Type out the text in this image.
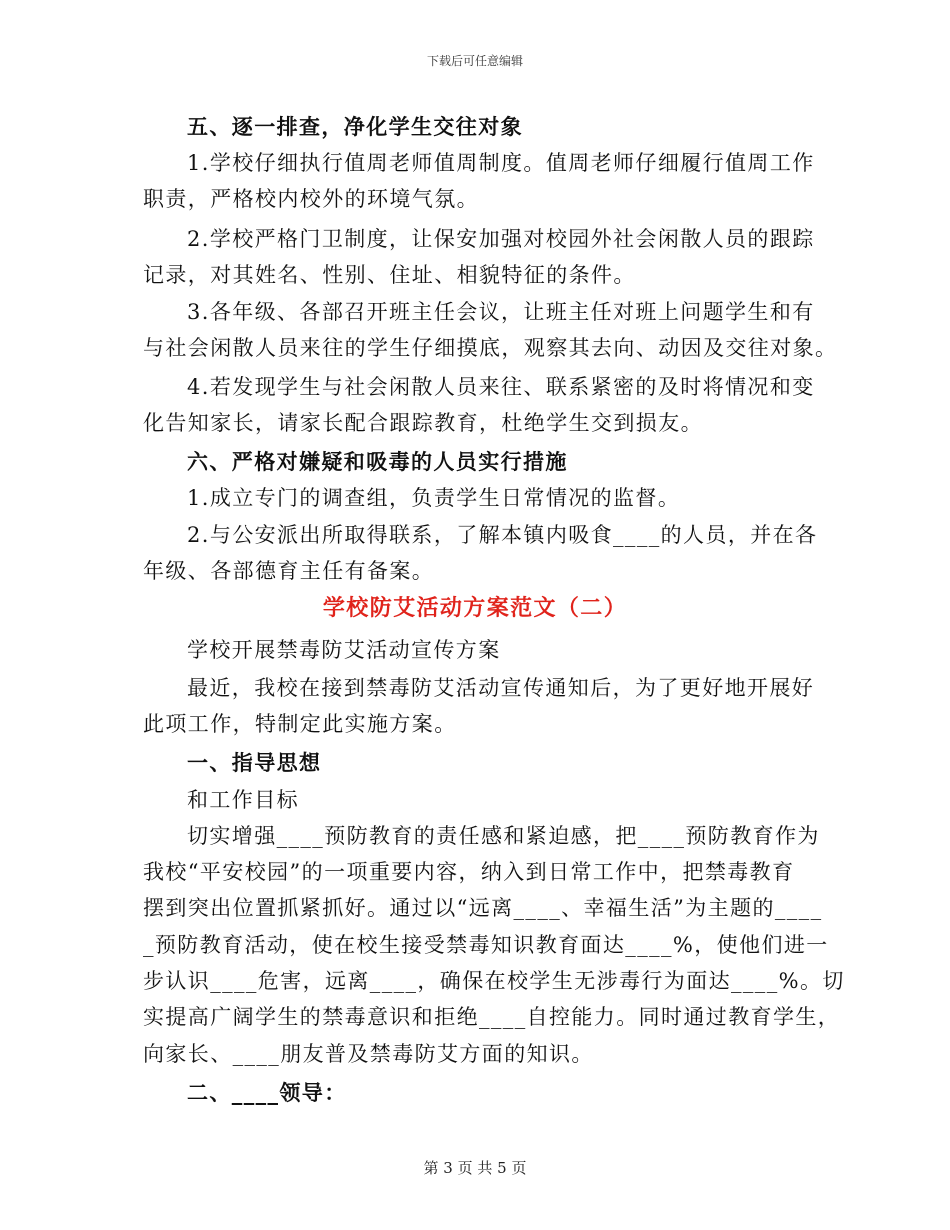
下载后可任意编辑
五、逐一排查，净化学生交往对象
1.学校仔细执行值周老师值周制度。值周老师仔细履行值周工作
职责，严格校内校外的环境气氛。
2.学校严格门卫制度，让保安加强对校园外社会闲散人员的跟踪
记录，对其姓名、性别、住址、相貌特征的条件。
3.各年级、各部召开班主任会议，让班主任对班上问题学生和有
与社会闲散人员来往的学生仔细摸底，观察其去向、动因及交往对象。
4.若发现学生与社会闲散人员来往、联系紧密的及时将情况和变
化告知家长，请家长配合跟踪教育，杜绝学生交到损友。
六、严格对嫌疑和吸毒的人员实行措施
1.成立专门的调查组，负责学生日常情况的监督。
2.与公安派出所取得联系，了解本镇内吸食____的人员，并在各
年级、各部德育主任有备案。
学校防艾活动方案范文（二）
学校开展禁毒防艾活动宣传方案
最近，我校在接到禁毒防艾活动宣传通知后，为了更好地开展好
此项工作，特制定此实施方案。
一、指导思想
和工作目标
切实增强____预防教育的责任感和紧迫感，把____预防教育作为
我校“平安校园”的一项重要内容，纳入到日常工作中，把禁毒教育
摆到突出位置抓紧抓好。通过以“远离____、幸福生活”为主题的____
_预防教育活动，使在校生接受禁毒知识教育面达____%，使他们进一
步认识____危害，远离____，确保在校学生无涉毒行为面达____%。切
实提高广阔学生的禁毒意识和拒绝____自控能力。同时通过教育学生，
向家长、____朋友普及禁毒防艾方面的知识。
二、____领导：
第 3 页 共 5 页
